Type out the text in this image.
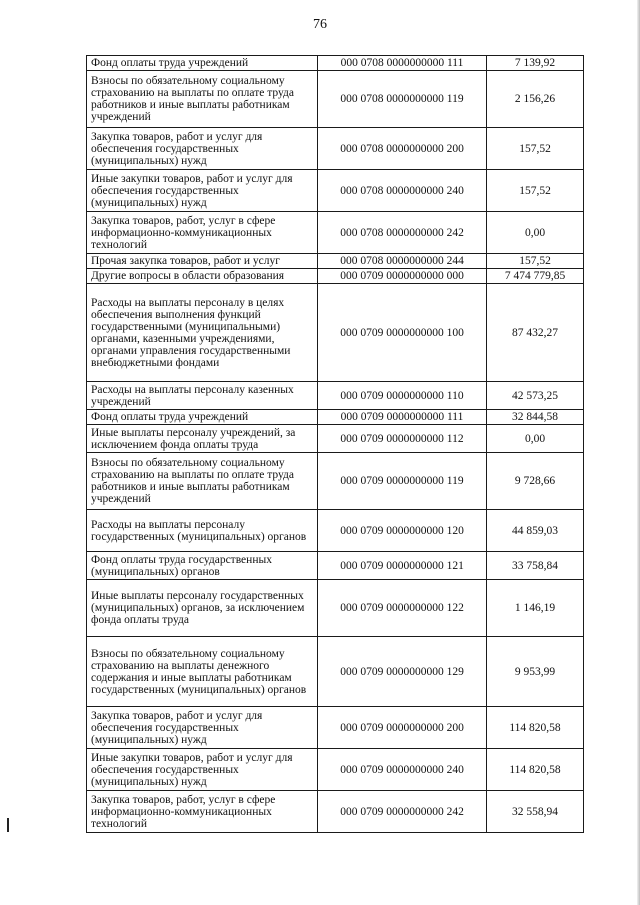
76
Фонд оплаты труда учреждений	000 0708 0000000000 111	7 139,92
Взносы по обязательному социальному страхованию на выплаты по оплате труда работников и иные выплаты работникам учреждений	000 0708 0000000000 119	2 156,26
Закупка товаров, работ и услуг для обеспечения государственных (муниципальных) нужд	000 0708 0000000000 200	157,52
Иные закупки товаров, работ и услуг для обеспечения государственных (муниципальных) нужд	000 0708 0000000000 240	157,52
Закупка товаров, работ, услуг в сфере информационно-коммуникационных технологий	000 0708 0000000000 242	0,00
Прочая закупка товаров, работ и услуг	000 0708 0000000000 244	157,52
Другие вопросы в области образования	000 0709 0000000000 000	7 474 779,85
Расходы на выплаты персоналу в целях обеспечения выполнения функций государственными (муниципальными) органами, казенными учреждениями, органами управления государственными внебюджетными фондами	000 0709 0000000000 100	87 432,27
Расходы на выплаты персоналу казенных учреждений	000 0709 0000000000 110	42 573,25
Фонд оплаты труда учреждений	000 0709 0000000000 111	32 844,58
Иные выплаты персоналу учреждений, за исключением фонда оплаты труда	000 0709 0000000000 112	0,00
Взносы по обязательному социальному страхованию на выплаты по оплате труда работников и иные выплаты работникам учреждений	000 0709 0000000000 119	9 728,66
Расходы на выплаты персоналу государственных (муниципальных) органов	000 0709 0000000000 120	44 859,03
Фонд оплаты труда государственных (муниципальных) органов	000 0709 0000000000 121	33 758,84
Иные выплаты персоналу государственных (муниципальных) органов, за исключением фонда оплаты труда	000 0709 0000000000 122	1 146,19
Взносы по обязательному социальному страхованию на выплаты денежного содержания и иные выплаты работникам государственных (муниципальных) органов	000 0709 0000000000 129	9 953,99
Закупка товаров, работ и услуг для обеспечения государственных (муниципальных) нужд	000 0709 0000000000 200	114 820,58
Иные закупки товаров, работ и услуг для обеспечения государственных (муниципальных) нужд	000 0709 0000000000 240	114 820,58
Закупка товаров, работ, услуг в сфере информационно-коммуникационных технологий	000 0709 0000000000 242	32 558,94
